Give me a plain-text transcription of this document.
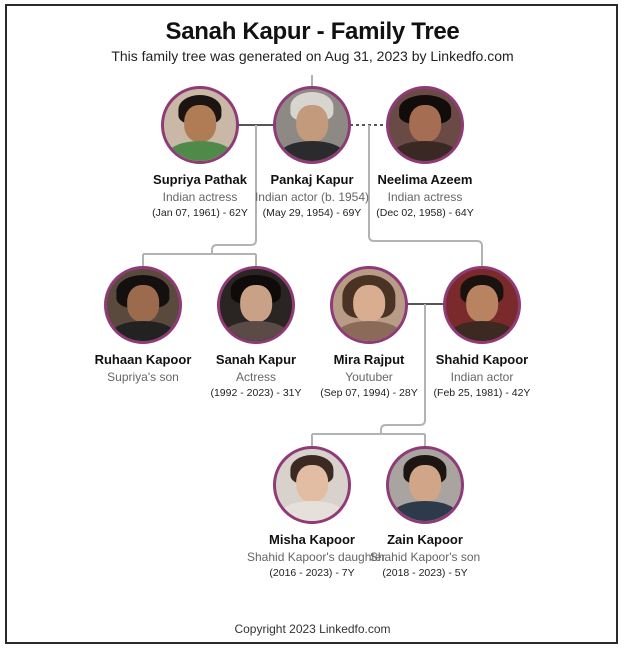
Sanah Kapur - Family Tree
This family tree was generated on Aug 31, 2023 by Linkedfo.com
Supriya Pathak
Indian actress
(Jan 07, 1961) - 62Y
Pankaj Kapur
Indian actor (b. 1954)
(May 29, 1954) - 69Y
Neelima Azeem
Indian actress
(Dec 02, 1958) - 64Y
Ruhaan Kapoor
Supriya's son
Sanah Kapur
Actress
(1992 - 2023) - 31Y
Mira Rajput
Youtuber
(Sep 07, 1994) - 28Y
Shahid Kapoor
Indian actor
(Feb 25, 1981) - 42Y
Misha Kapoor
Shahid Kapoor's daughter
(2016 - 2023) - 7Y
Zain Kapoor
Shahid Kapoor's son
(2018 - 2023) - 5Y
Copyright 2023 Linkedfo.com
